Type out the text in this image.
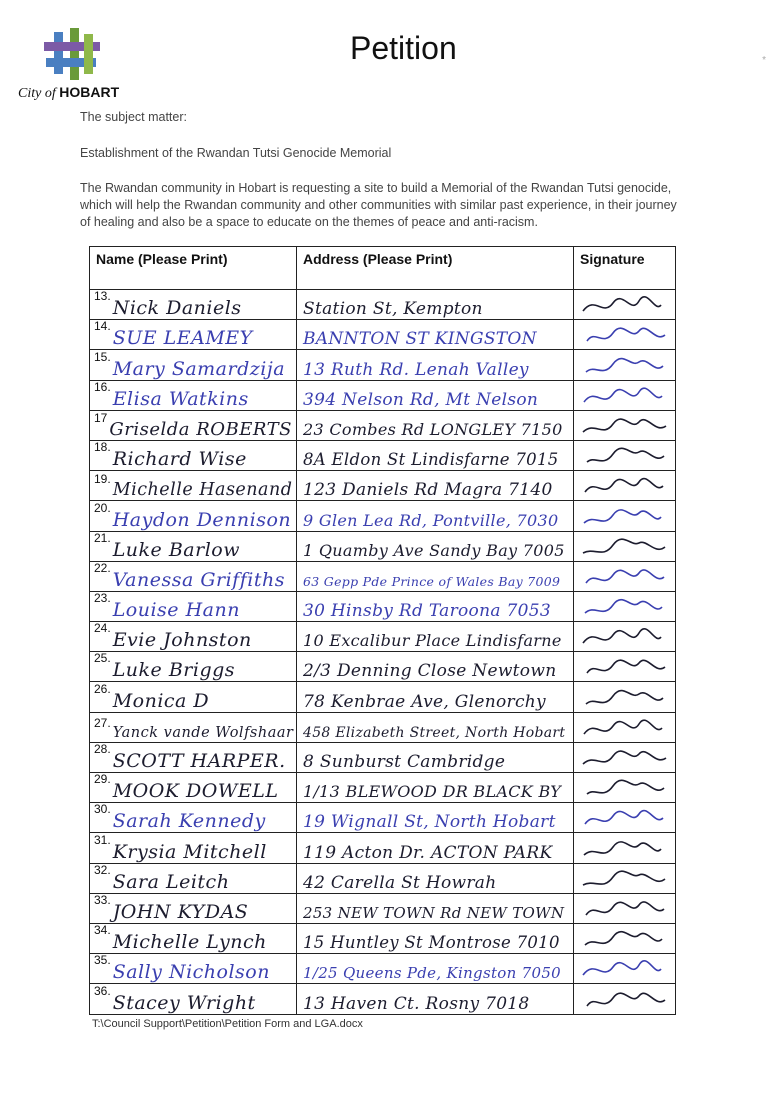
City of HOBART
Petition	*
The subject matter:
Establishment of the Rwandan Tutsi Genocide Memorial
The Rwandan community in Hobart is requesting a site to build a Memorial of the Rwandan Tutsi genocide, which will help the Rwandan community and other communities with similar past experience, in their journey of healing and also be a space to educate on the themes of peace and anti-racism.
Name (Please Print)	Address (Please Print)	Signature
$^{13.}$Nick Daniels	Station St, Kempton	

$^{14.}$SUE LEAMEY	BANNTON ST KINGSTON	

$^{15.}$Mary Samardzija	13 Ruth Rd. Lenah Valley	

$^{16.}$Elisa Watkins	394 Nelson Rd, Mt Nelson	

$^{17}$Griselda ROBERTS	23 Combes Rd LONGLEY 7150	

$^{18.}$Richard Wise	8A Eldon St Lindisfarne 7015	

$^{19.}$Michelle Hasenand	123 Daniels Rd Magra 7140	

$^{20.}$Haydon Dennison	9 Glen Lea Rd, Pontville, 7030	

$^{21.}$Luke Barlow	1 Quamby Ave Sandy Bay 7005	

$^{22.}$Vanessa Griffiths	63 Gepp Pde Prince of Wales Bay 7009	

$^{23.}$Louise Hann	30 Hinsby Rd Taroona 7053	

$^{24.}$Evie Johnston	10 Excalibur Place Lindisfarne	

$^{25.}$Luke Briggs	2/3 Denning Close Newtown	

$^{26.}$Monica D	78 Kenbrae Ave, Glenorchy	

$^{27.}$Yanck vande Wolfshaar	458 Elizabeth Street, North Hobart	

$^{28.}$SCOTT HARPER.	8 Sunburst Cambridge	

$^{29.}$MOOK DOWELL	1/13 BLEWOOD DR BLACK BY	

$^{30.}$Sarah Kennedy	19 Wignall St, North Hobart	

$^{31.}$Krysia Mitchell	119 Acton Dr. ACTON PARK	

$^{32.}$Sara Leitch	42 Carella St Howrah	

$^{33.}$JOHN KYDAS	253 NEW TOWN Rd NEW TOWN	

$^{34.}$Michelle Lynch	15 Huntley St Montrose 7010	

$^{35.}$Sally Nicholson	1/25 Queens Pde, Kingston 7050	

$^{36.}$Stacey Wright	13 Haven Ct. Rosny 7018	
T:\Council Support\Petition\Petition Form and LGA.docx
